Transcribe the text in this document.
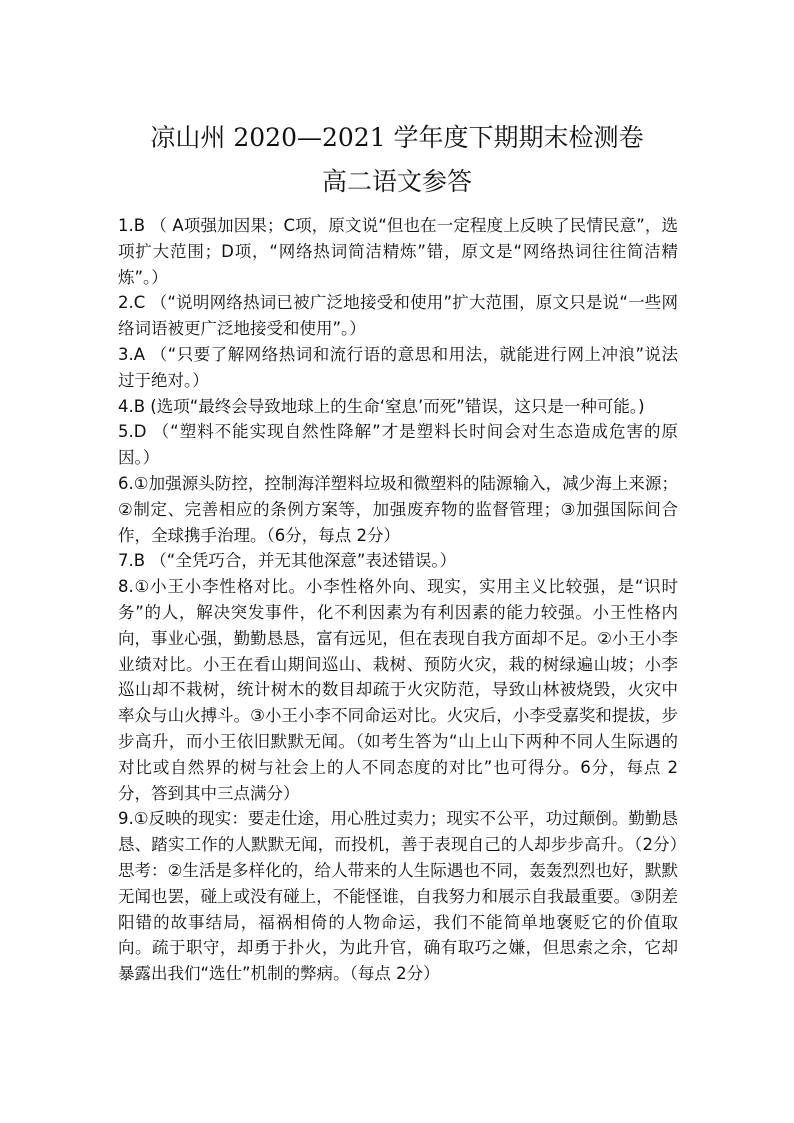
凉山州 2020—2021 学年度下期期末检测卷
高二语文参答

1.B （ A项强加因果；C项，原文说“但也在一定程度上反映了民情民意”，选项扩大范围；D项，“网络热词简洁精炼”错，原文是“网络热词往往简洁精炼”。）

2.C （“说明网络热词已被广泛地接受和使用”扩大范围，原文只是说“一些网络词语被更广泛地接受和使用”。）

3.A （“只要了解网络热词和流行语的意思和用法，就能进行网上冲浪”说法过于绝对。）

4.B (选项“最终会导致地球上的生命‘窒息’而死”错误，这只是一种可能。)

5.D （“塑料不能实现自然性降解”才是塑料长时间会对生态造成危害的原因。）

6.①加强源头防控，控制海洋塑料垃圾和微塑料的陆源输入，减少海上来源；②制定、完善相应的条例方案等，加强废弃物的监督管理；③加强国际间合作，全球携手治理。（6分，每点 2分）

7.B （“全凭巧合，并无其他深意”表述错误。）

8.①小王小李性格对比。小李性格外向、现实，实用主义比较强，是“识时务”的人，解决突发事件，化不利因素为有利因素的能力较强。小王性格内向，事业心强，勤勤恳恳，富有远见，但在表现自我方面却不足。②小王小李业绩对比。小王在看山期间巡山、栽树、预防火灾，栽的树绿遍山坡；小李巡山却不栽树，统计树木的数目却疏于火灾防范，导致山林被烧毁，火灾中率众与山火搏斗。③小王小李不同命运对比。火灾后，小李受嘉奖和提拔，步步高升，而小王依旧默默无闻。（如考生答为“山上山下两种不同人生际遇的对比或自然界的树与社会上的人不同态度的对比”也可得分。6分，每点 2分，答到其中三点满分）

9.①反映的现实：要走仕途，用心胜过卖力；现实不公平，功过颠倒。勤勤恳恳、踏实工作的人默默无闻，而投机，善于表现自己的人却步步高升。（2分）思考：②生活是多样化的，给人带来的人生际遇也不同，轰轰烈烈也好，默默无闻也罢，碰上或没有碰上，不能怪谁，自我努力和展示自我最重要。③阴差阳错的故事结局，福祸相倚的人物命运，我们不能简单地褒贬它的价值取向。疏于职守，却勇于扑火，为此升官，确有取巧之嫌，但思索之余，它却暴露出我们“选仕”机制的弊病。（每点 2分）
